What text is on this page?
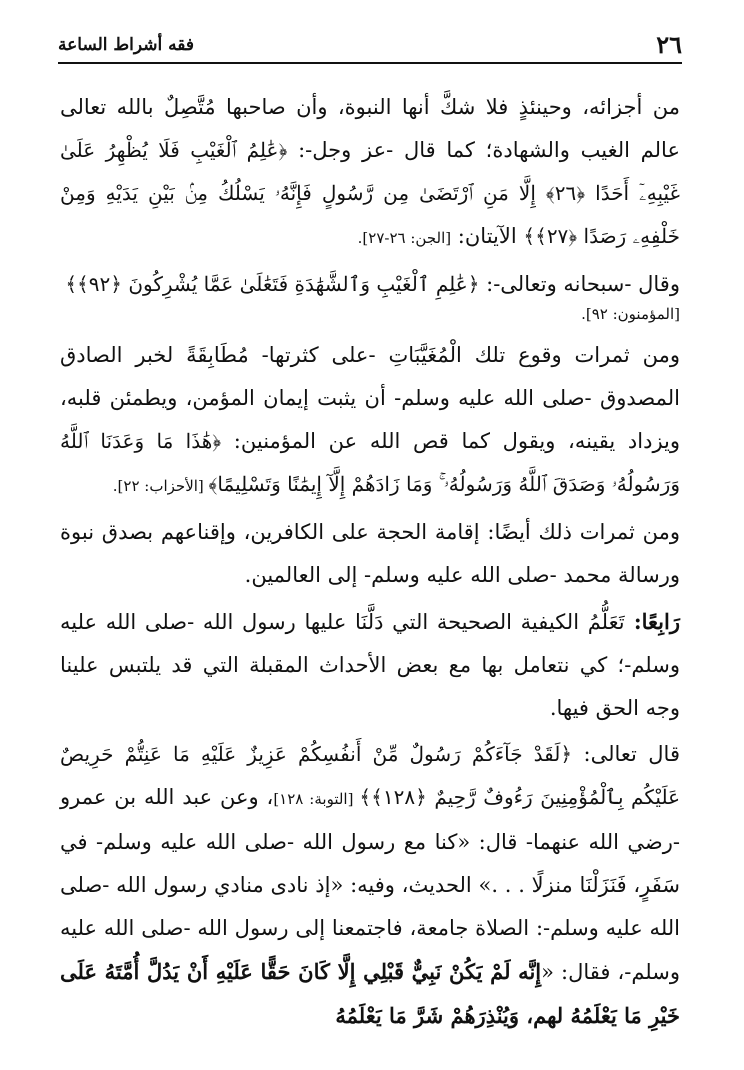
٢٦
فقه أشراط الساعة

من أجزائه، وحينئذٍ فلا شكَّ أنها النبوة، وأن صاحبها مُتَّصِلٌ بالله تعالى عالم الغيب والشهادة؛ كما قال -عز وجل-: ﴿عَٰلِمُ ٱلْغَيْبِ فَلَا يُظْهِرُ عَلَىٰ غَيْبِهِۦٓ أَحَدًا ﴿٢٦﴾ إِلَّا مَنِ ٱرْتَضَىٰ مِن رَّسُولٍ فَإِنَّهُۥ يَسْلُكُ مِنۢ بَيْنِ يَدَيْهِ وَمِنْ خَلْفِهِۦ رَصَدًا ﴿٢٧﴾﴾ الآيتان: [الجن: ٢٦-٢٧].

وقال -سبحانه وتعالى-: ﴿عَٰلِمِ ٱلْغَيْبِ وَٱلشَّهَٰدَةِ فَتَعَٰلَىٰ عَمَّا يُشْرِكُونَ ﴿٩٢﴾﴾

[المؤمنون: ٩٢].

ومن ثمرات وقوع تلك الْمُغَيَّبَاتِ -على كثرتها- مُطَابِقَةً لخبر الصادق المصدوق -صلى الله عليه وسلم- أن يثبت إيمان المؤمن، ويطمئن قلبه، ويزداد يقينه، ويقول كما قص الله عن المؤمنين: ﴿هَٰذَا مَا وَعَدَنَا ٱللَّهُ وَرَسُولُهُۥ وَصَدَقَ ٱللَّهُ وَرَسُولُهُۥ ۚ وَمَا زَادَهُمْ إِلَّآ إِيمَٰنًا وَتَسْلِيمًا﴾ [الأحزاب: ٢٢].

ومن ثمرات ذلك أيضًا: إقامة الحجة على الكافرين، وإقناعهم بصدق نبوة ورسالة محمد -صلى الله عليه وسلم- إلى العالمين.

رَابِعًا: تَعَلُّمُ الكيفية الصحيحة التي دَلَّنَا عليها رسول الله -صلى الله عليه وسلم-؛ كي نتعامل بها مع بعض الأحداث المقبلة التي قد يلتبس علينا وجه الحق فيها.

قال تعالى: ﴿لَقَدْ جَآءَكُمْ رَسُولٌ مِّنْ أَنفُسِكُمْ عَزِيزٌ عَلَيْهِ مَا عَنِتُّمْ حَرِيصٌ عَلَيْكُم بِٱلْمُؤْمِنِينَ رَءُوفٌ رَّحِيمٌ ﴿١٢٨﴾﴾ [التوبة: ١٢٨]، وعن عبد الله بن عمرو -رضي الله عنهما- قال: «كنا مع رسول الله -صلى الله عليه وسلم- في سَفَرٍ، فَنَزَلْنَا منزلًا . . .» الحديث، وفيه: «إذ نادى منادي رسول الله -صلى الله عليه وسلم-: الصلاة جامعة، فاجتمعنا إلى رسول الله -صلى الله عليه وسلم-، فقال: «إِنَّه لَمْ يَكُنْ نَبِيٌّ قَبْلِي إِلَّا كَانَ حَقًّا عَلَيْهِ أَنْ يَدُلَّ أُمَّتَهُ عَلَى خَيْرِ مَا يَعْلَمُهُ لهم، وَيُنْذِرَهُمْ شَرَّ مَا يَعْلَمُهُ
